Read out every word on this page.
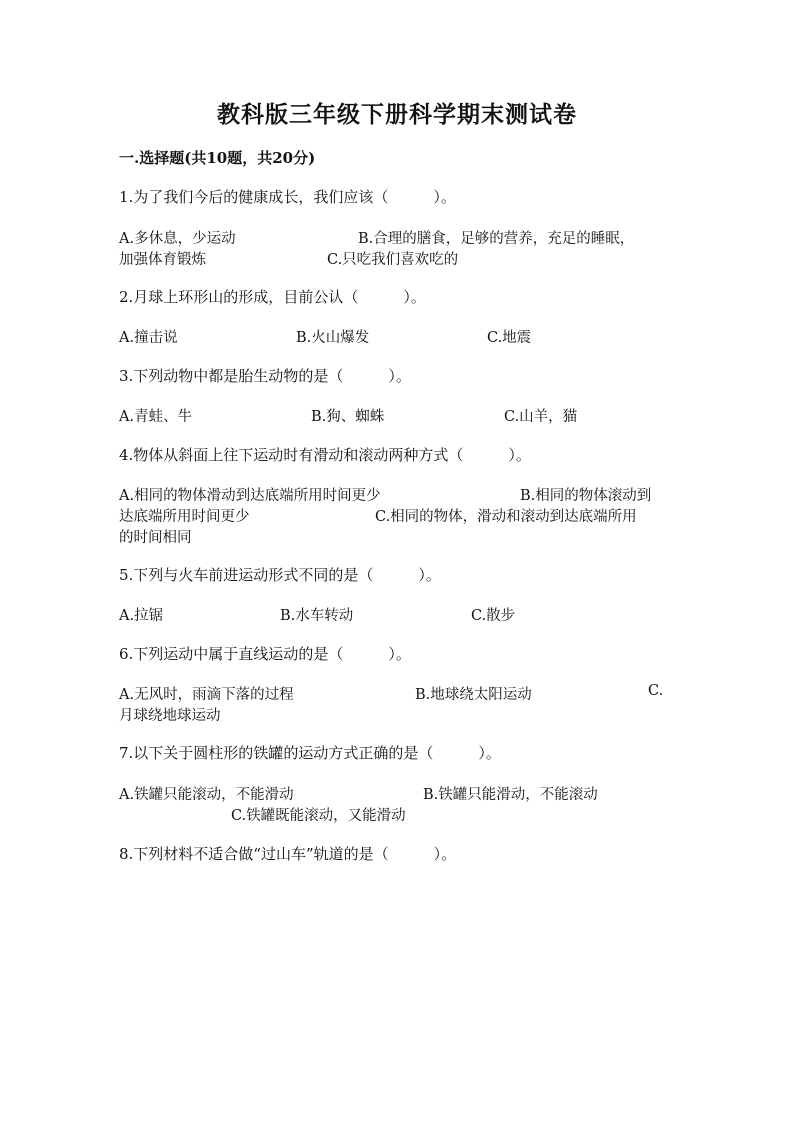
教科版三年级下册科学期末测试卷
一.选择题(共10题，共20分)
1.为了我们今后的健康成长，我们应该（　　　）。
A.多休息，少运动	B.合理的膳食，足够的营养，充足的睡眠，
加强体育锻炼	C.只吃我们喜欢吃的
2.月球上环形山的形成，目前公认（　　　）。
A.撞击说	B.火山爆发	C.地震
3.下列动物中都是胎生动物的是（　　　）。
A.青蛙、牛	B.狗、蜘蛛	C.山羊，猫
4.物体从斜面上往下运动时有滑动和滚动两种方式（　　　）。
A.相同的物体滑动到达底端所用时间更少	B.相同的物体滚动到
达底端所用时间更少	C.相同的物体，滑动和滚动到达底端所用
的时间相同
5.下列与火车前进运动形式不同的是（　　　）。
A.拉锯	B.水车转动	C.散步
6.下列运动中属于直线运动的是（　　　）。
A.无风时，雨滴下落的过程	B.地球绕太阳运动	C.
月球绕地球运动
7.以下关于圆柱形的铁罐的运动方式正确的是（　　　）。
A.铁罐只能滚动，不能滑动	B.铁罐只能滑动，不能滚动
C.铁罐既能滚动，又能滑动
8.下列材料不适合做“过山车”轨道的是（　　　）。
